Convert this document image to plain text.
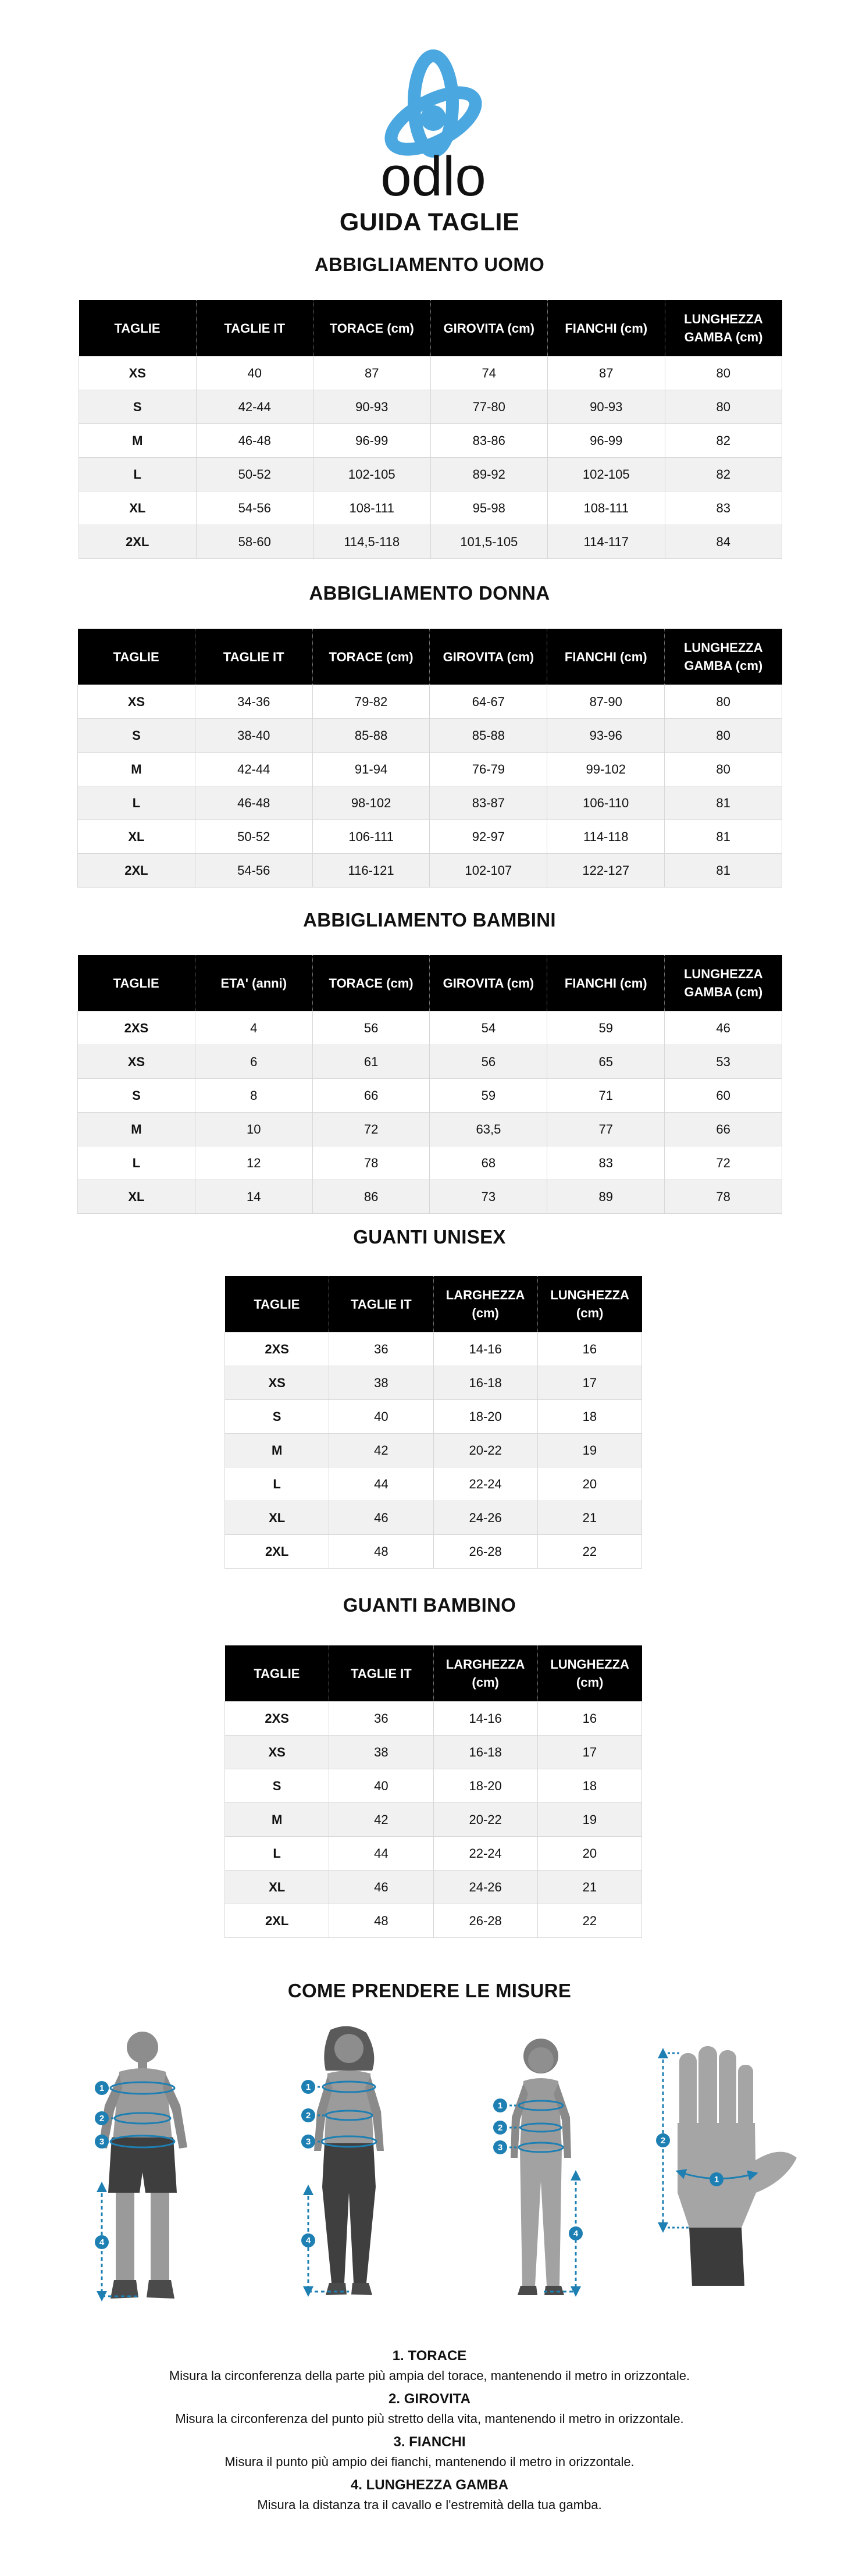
odlo
GUIDA TAGLIE
ABBIGLIAMENTO UOMO
TAGLIE	TAGLIE IT	TORACE (cm)	GIROVITA (cm)	FIANCHI (cm)	LUNGHEZZA GAMBA (cm)
XS	40	87	74	87	80
S	42-44	90-93	77-80	90-93	80
M	46-48	96-99	83-86	96-99	82
L	50-52	102-105	89-92	102-105	82
XL	54-56	108-111	95-98	108-111	83
2XL	58-60	114,5-118	101,5-105	114-117	84
ABBIGLIAMENTO DONNA
TAGLIE	TAGLIE IT	TORACE (cm)	GIROVITA (cm)	FIANCHI (cm)	LUNGHEZZA GAMBA (cm)
XS	34-36	79-82	64-67	87-90	80
S	38-40	85-88	85-88	93-96	80
M	42-44	91-94	76-79	99-102	80
L	46-48	98-102	83-87	106-110	81
XL	50-52	106-111	92-97	114-118	81
2XL	54-56	116-121	102-107	122-127	81
ABBIGLIAMENTO BAMBINI
TAGLIE	ETA' (anni)	TORACE (cm)	GIROVITA (cm)	FIANCHI (cm)	LUNGHEZZA GAMBA (cm)
2XS	4	56	54	59	46
XS	6	61	56	65	53
S	8	66	59	71	60
M	10	72	63,5	77	66
L	12	78	68	83	72
XL	14	86	73	89	78
GUANTI UNISEX
TAGLIE	TAGLIE IT	LARGHEZZA (cm)	LUNGHEZZA (cm)
2XS	36	14-16	16
XS	38	16-18	17
S	40	18-20	18
M	42	20-22	19
L	44	22-24	20
XL	46	24-26	21
2XL	48	26-28	22
GUANTI BAMBINO
TAGLIE	TAGLIE IT	LARGHEZZA (cm)	LUNGHEZZA (cm)
2XS	36	14-16	16
XS	38	16-18	17
S	40	18-20	18
M	42	20-22	19
L	44	22-24	20
XL	46	24-26	21
2XL	48	26-28	22
COME PRENDERE LE MISURE
1
2
3
4
1
2
3
4
1
2
3
4
1
2
1. TORACE
Misura la circonferenza della parte più ampia del torace, mantenendo il metro in orizzontale.
2. GIROVITA
Misura la circonferenza del punto più stretto della vita, mantenendo il metro in orizzontale.
3. FIANCHI
Misura il punto più ampio dei fianchi, mantenendo il metro in orizzontale.
4. LUNGHEZZA GAMBA
Misura la distanza tra il cavallo e l'estremità della tua gamba.
